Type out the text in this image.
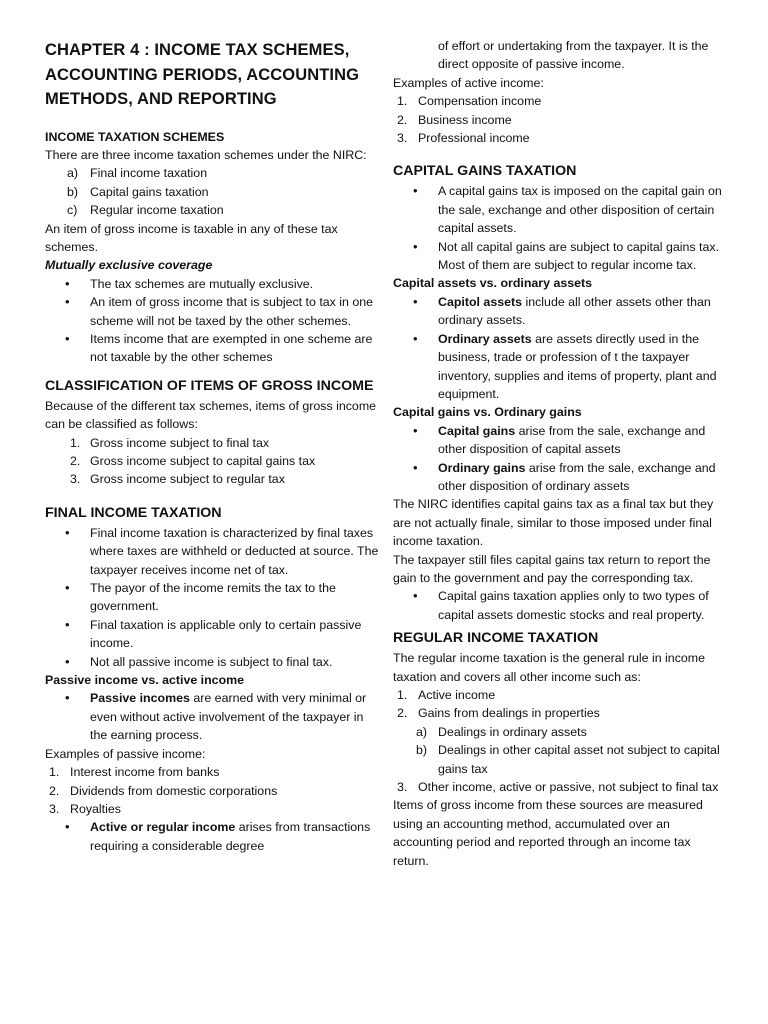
CHAPTER 4 : INCOME TAX SCHEMES, ACCOUNTING PERIODS, ACCOUNTING METHODS, AND REPORTING

INCOME TAXATION SCHEMES

There are three income taxation schemes under the NIRC:

a) Final income taxation
b) Capital gains taxation
c) Regular income taxation

An item of gross income is taxable in any of these tax schemes.

Mutually exclusive coverage

• The tax schemes are mutually exclusive.
• An item of gross income that is subject to tax in one scheme will not be taxed by the other schemes.
• Items income that are exempted in one scheme are not taxable by the other schemes
CLASSIFICATION OF ITEMS OF GROSS INCOME

Because of the different tax schemes, items of gross income can be classified as follows:

1. Gross income subject to final tax
2. Gross income subject to capital gains tax
3. Gross income subject to regular tax
FINAL INCOME TAXATION
• Final income taxation is characterized by final taxes where taxes are withheld or deducted at source. The taxpayer receives income net of tax.
• The payor of the income remits the tax to the government.
• Final taxation is applicable only to certain passive income.
• Not all passive income is subject to final tax.

Passive income vs. active income

• Passive incomes are earned with very minimal or even without active involvement of the taxpayer in the earning process.

Examples of passive income:

1. Interest income from banks
2. Dividends from domestic corporations
3. Royalties
• Active or regular income arises from transactions requiring a considerable degree

of effort or undertaking from the taxpayer. It is the direct opposite of passive income.

Examples of active income:

1. Compensation income
2. Business income
3. Professional income
CAPITAL GAINS TAXATION
• A capital gains tax is imposed on the capital gain on the sale, exchange and other disposition of certain capital assets.
• Not all capital gains are subject to capital gains tax. Most of them are subject to regular income tax.

Capital assets vs. ordinary assets

• Capitol assets include all other assets other than ordinary assets.
• Ordinary assets are assets directly used in the business, trade or profession of t the taxpayer inventory, supplies and items of property, plant and equipment.

Capital gains vs. Ordinary gains

• Capital gains arise from the sale, exchange and other disposition of capital assets
• Ordinary gains arise from the sale, exchange and other disposition of ordinary assets

The NIRC identifies capital gains tax as a final tax but they   are not actually finale, similar to those imposed under final income taxation.

The taxpayer still files capital gains tax return to report the gain to the government and pay the corresponding tax.

• Capital gains taxation applies only to two types of capital assets domestic stocks and real property.
REGULAR INCOME TAXATION

The regular income taxation is the general rule in income taxation and covers all other income such as:

1. Active income
2. Gains from dealings in properties
a) Dealings in ordinary assets
b) Dealings in other capital asset not subject to capital gains tax
3. Other income, active or passive, not subject to final tax

Items of gross income from these sources are measured using an accounting method, accumulated over an accounting period and reported through an income tax return.
